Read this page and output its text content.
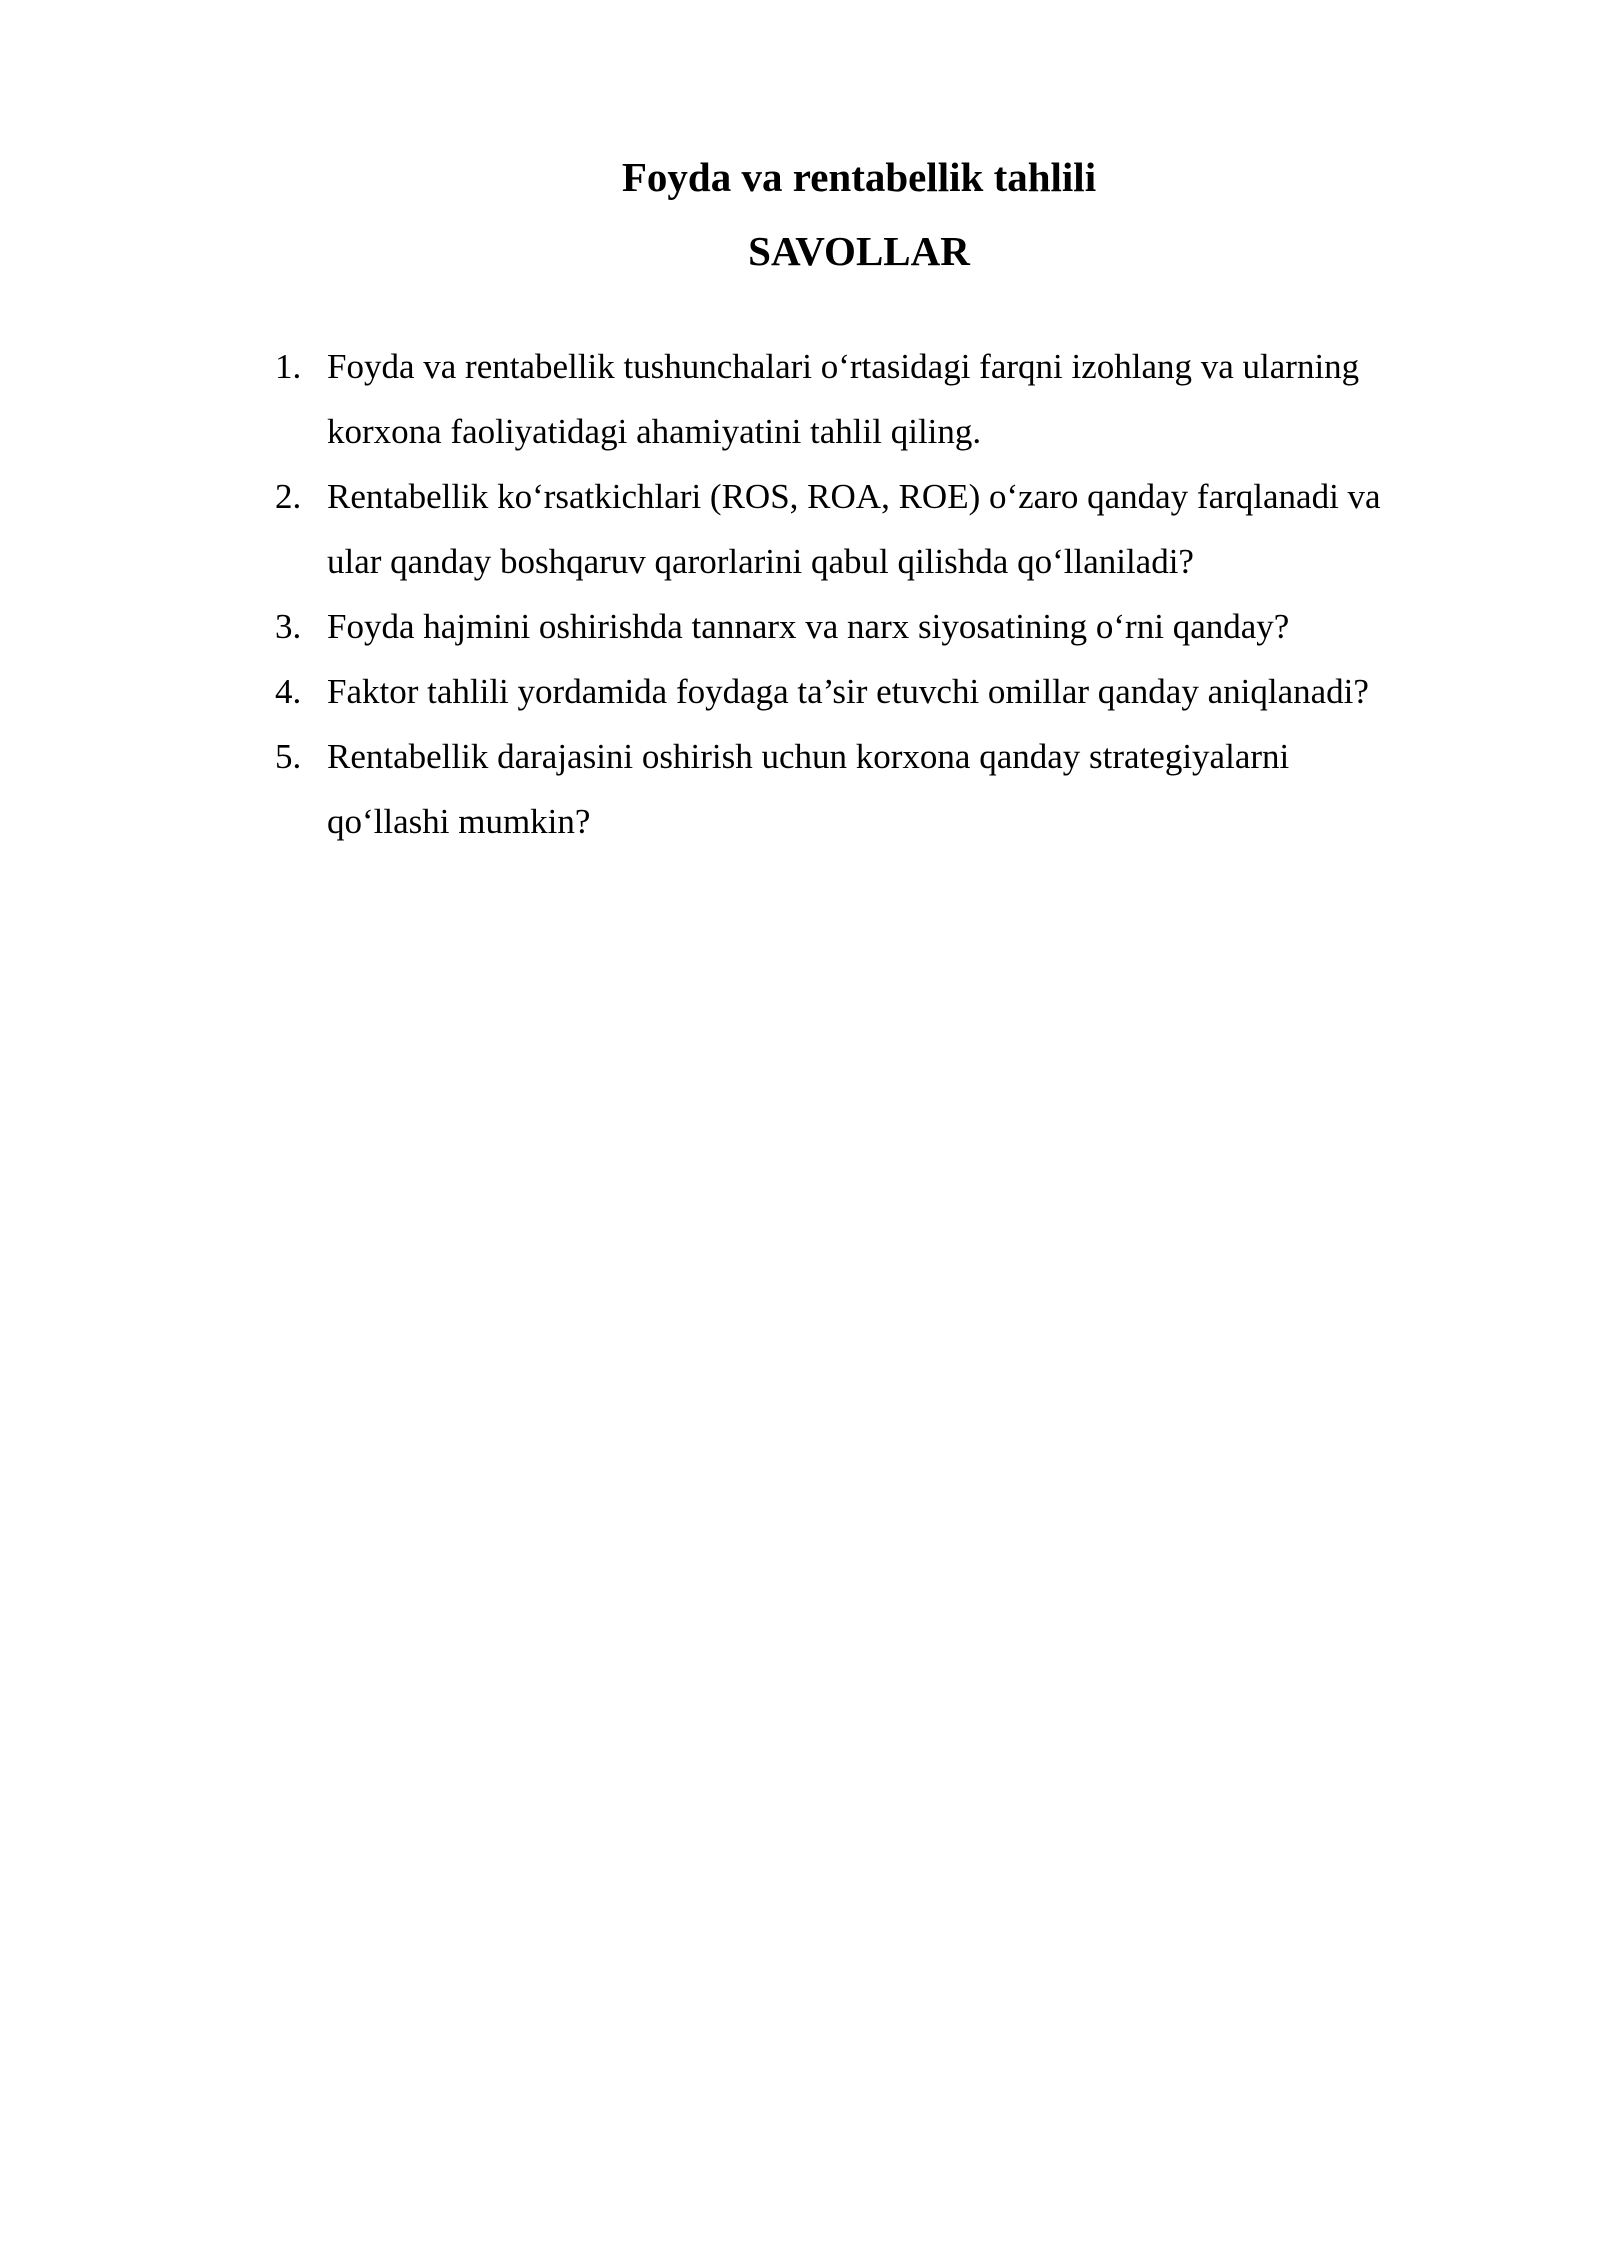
Foyda va rentabellik tahlili
SAVOLLAR
1. Foyda va rentabellik tushunchalari o‘rtasidagi farqni izohlang va ularning
korxona faoliyatidagi ahamiyatini tahlil qiling.
2. Rentabellik ko‘rsatkichlari (ROS, ROA, ROE) o‘zaro qanday farqlanadi va
ular qanday boshqaruv qarorlarini qabul qilishda qo‘llaniladi?
3. Foyda hajmini oshirishda tannarx va narx siyosatining o‘rni qanday?
4. Faktor tahlili yordamida foydaga ta’sir etuvchi omillar qanday aniqlanadi?
5. Rentabellik darajasini oshirish uchun korxona qanday strategiyalarni
qo‘llashi mumkin?
